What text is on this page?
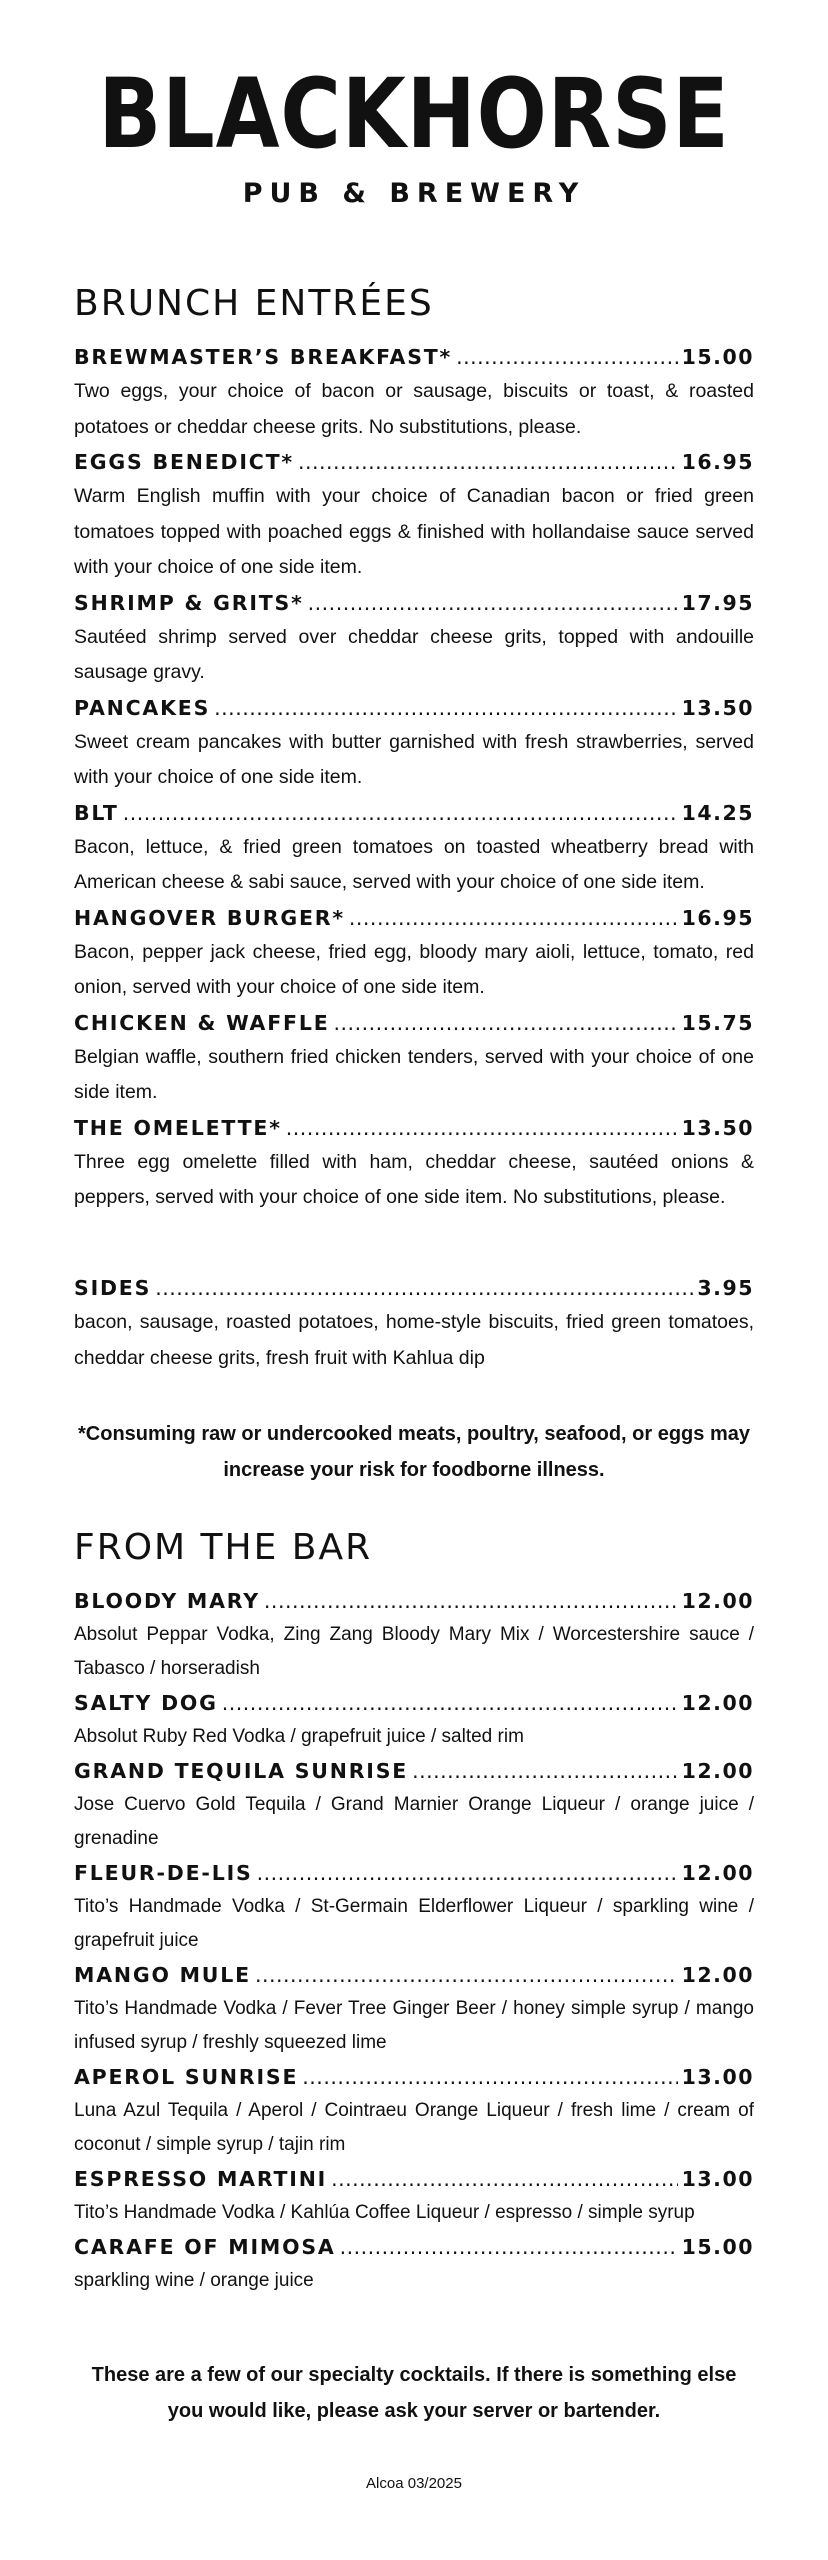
BLACKHORSE
PUB & BREWERY
BRUNCH ENTRÉES
BREWMASTER’S BREAKFAST* .....	15.00

Two eggs, your choice of bacon or sausage, biscuits or toast, & roasted potatoes or cheddar cheese grits. No substitutions, please.

EGGS BENEDICT* .....	16.95

Warm English muffin with your choice of Canadian bacon or fried green tomatoes topped with poached eggs & finished with hollandaise sauce served with your choice of one side item.

SHRIMP & GRITS* .....	17.95

Sautéed shrimp served over cheddar cheese grits, topped with andouille sausage gravy.

PANCAKES .....	13.50

Sweet cream pancakes with butter garnished with fresh strawberries, served with your choice of one side item.

BLT .....	14.25

Bacon, lettuce, & fried green tomatoes on toasted wheatberry bread with American cheese & sabi sauce, served with your choice of one side item.

HANGOVER BURGER* .....	16.95

Bacon, pepper jack cheese, fried egg, bloody mary aioli, lettuce, tomato, red onion, served with your choice of one side item.

CHICKEN & WAFFLE .....	15.75

Belgian waffle, southern fried chicken tenders, served with your choice of one side item.

THE OMELETTE* .....	13.50

Three egg omelette filled with ham, cheddar cheese, sautéed onions & peppers, served with your choice of one side item. No substitutions, please.

SIDES .....	3.95

bacon, sausage, roasted potatoes, home-style biscuits, fried green tomatoes, cheddar cheese grits, fresh fruit with Kahlua dip

*Consuming raw or undercooked meats, poultry, seafood, or eggs may increase your risk for foodborne illness.
FROM THE BAR
BLOODY MARY .....	12.00

Absolut Peppar Vodka, Zing Zang Bloody Mary Mix / Worcestershire sauce / Tabasco / horseradish

SALTY DOG .....	12.00

Absolut Ruby Red Vodka / grapefruit juice / salted rim

GRAND TEQUILA SUNRISE .....	12.00

Jose Cuervo Gold Tequila / Grand Marnier Orange Liqueur / orange juice / grenadine

FLEUR-DE-LIS .....	12.00

Tito’s Handmade Vodka / St-Germain Elderflower Liqueur / sparkling wine / grapefruit juice

MANGO MULE .....	12.00

Tito’s Handmade Vodka / Fever Tree Ginger Beer / honey simple syrup / mango infused syrup / freshly squeezed lime

APEROL SUNRISE .....	13.00

Luna Azul Tequila / Aperol / Cointraeu Orange Liqueur / fresh lime / cream of coconut / simple syrup / tajin rim

ESPRESSO MARTINI .....	13.00

Tito’s Handmade Vodka / Kahlúa Coffee Liqueur / espresso / simple syrup

CARAFE OF MIMOSA .....	15.00

sparkling wine / orange juice

These are a few of our specialty cocktails. If there is something else you would like, please ask your server or bartender.
Alcoa 03/2025
